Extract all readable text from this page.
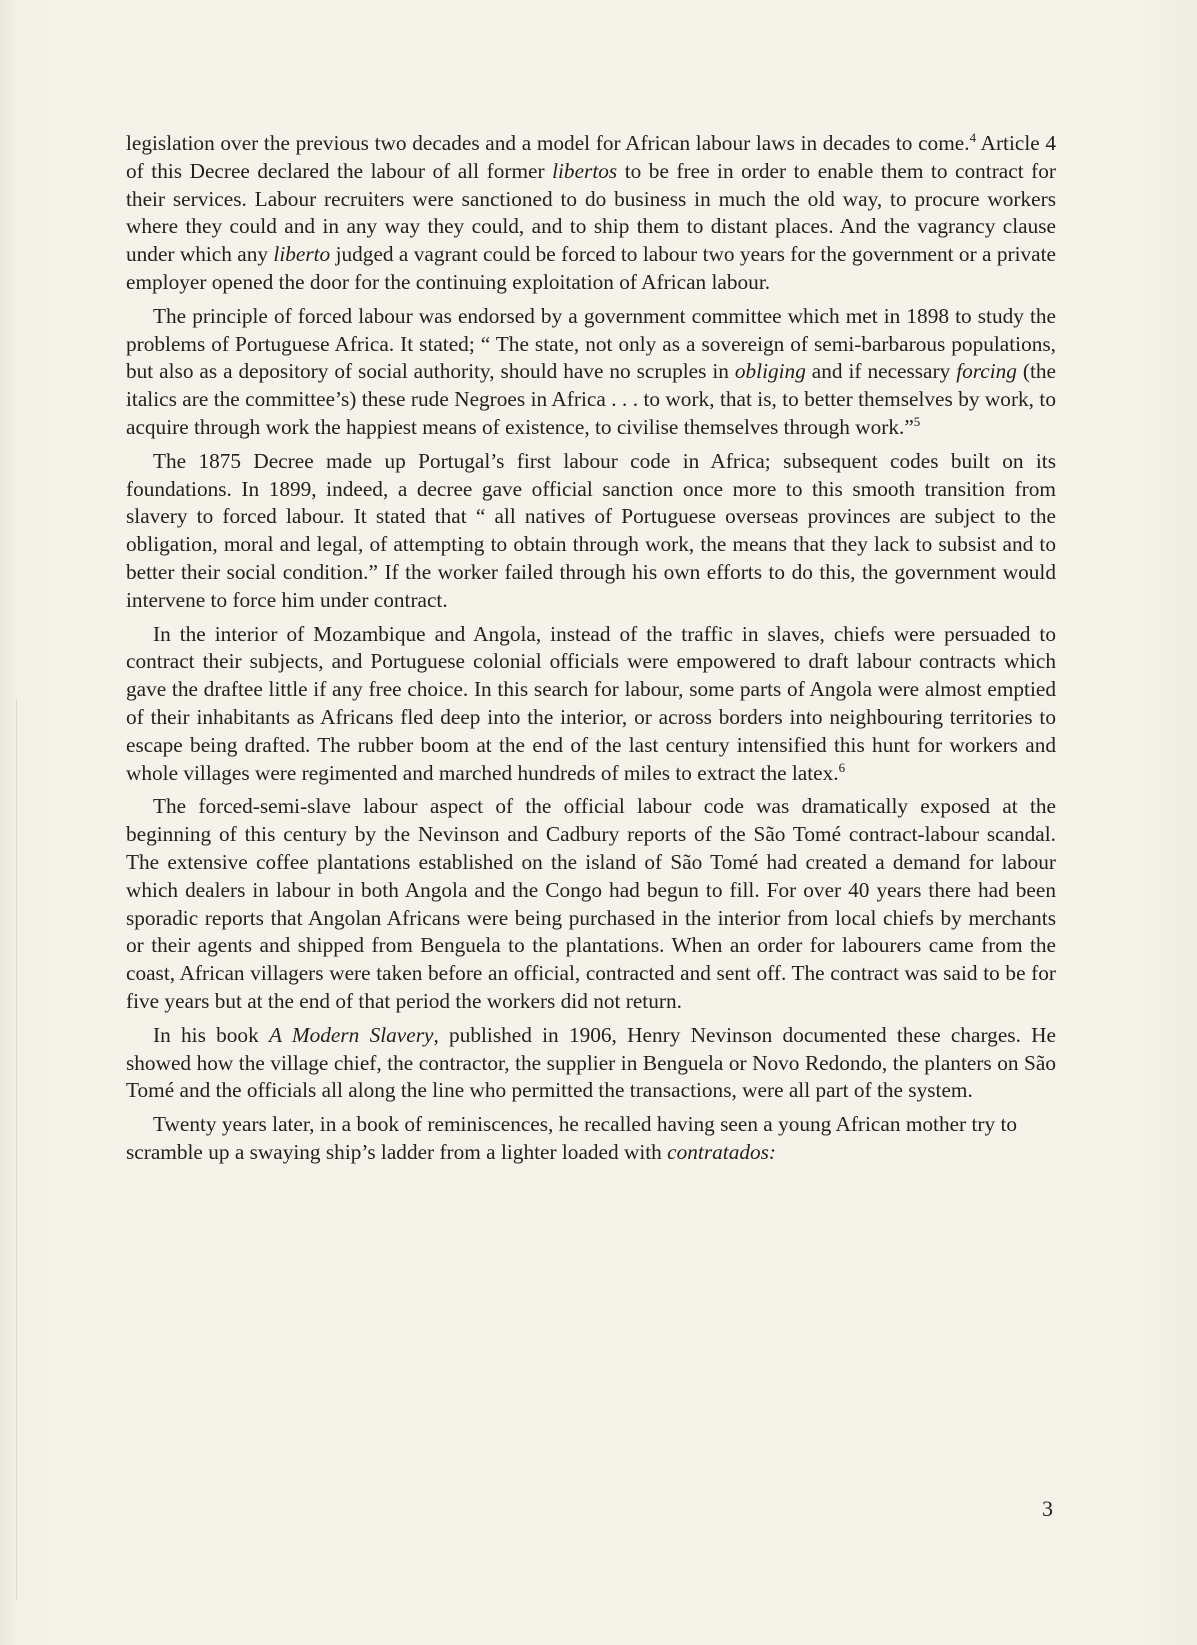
legislation over the previous two decades and a model for African labour laws in decades to come.$^4$ Article 4 of this Decree declared the labour of all former libertos to be free in order to enable them to contract for their services. Labour recruiters were sanctioned to do business in much the old way, to procure workers where they could and in any way they could, and to ship them to distant places. And the vagrancy clause under which any liberto judged a vagrant could be forced to labour two years for the government or a private employer opened the door for the continuing exploitation of African labour.

The principle of forced labour was endorsed by a government committee which met in 1898 to study the problems of Portuguese Africa. It stated; “ The state, not only as a sovereign of semi-barbarous populations, but also as a depository of social authority, should have no scruples in obliging and if necessary forcing (the italics are the committee’s) these rude Negroes in Africa . . . to work, that is, to better themselves by work, to acquire through work the happiest means of existence, to civilise themselves through work.”$^5$

The 1875 Decree made up Portugal’s first labour code in Africa; subsequent codes built on its foundations. In 1899, indeed, a decree gave official sanction once more to this smooth transition from slavery to forced labour. It stated that “ all natives of Portuguese overseas provinces are subject to the obligation, moral and legal, of attempting to obtain through work, the means that they lack to subsist and to better their social condition.” If the worker failed through his own efforts to do this, the government would intervene to force him under contract.

In the interior of Mozambique and Angola, instead of the traffic in slaves, chiefs were persuaded to contract their subjects, and Portuguese colonial officials were empowered to draft labour contracts which gave the draftee little if any free choice. In this search for labour, some parts of Angola were almost emptied of their inhabitants as Africans fled deep into the interior, or across borders into neighbouring territories to escape being drafted. The rubber boom at the end of the last century intensified this hunt for workers and whole villages were regimented and marched hundreds of miles to extract the latex.$^6$

The forced-semi-slave labour aspect of the official labour code was dramatically exposed at the beginning of this century by the Nevinson and Cadbury reports of the São Tomé contract-labour scandal. The extensive coffee plantations established on the island of São Tomé had created a demand for labour which dealers in labour in both Angola and the Congo had begun to fill. For over 40 years there had been sporadic reports that Angolan Africans were being purchased in the interior from local chiefs by merchants or their agents and shipped from Benguela to the plantations. When an order for labourers came from the coast, African villagers were taken before an official, contracted and sent off. The contract was said to be for five years but at the end of that period the workers did not return.

In his book A Modern Slavery, published in 1906, Henry Nevinson documented these charges. He showed how the village chief, the contractor, the supplier in Benguela or Novo Redondo, the planters on São Tomé and the officials all along the line who permitted the transactions, were all part of the system.

Twenty years later, in a book of reminiscences, he recalled having seen a young African mother try to scramble up a swaying ship’s ladder from a lighter loaded with contratados:

3
